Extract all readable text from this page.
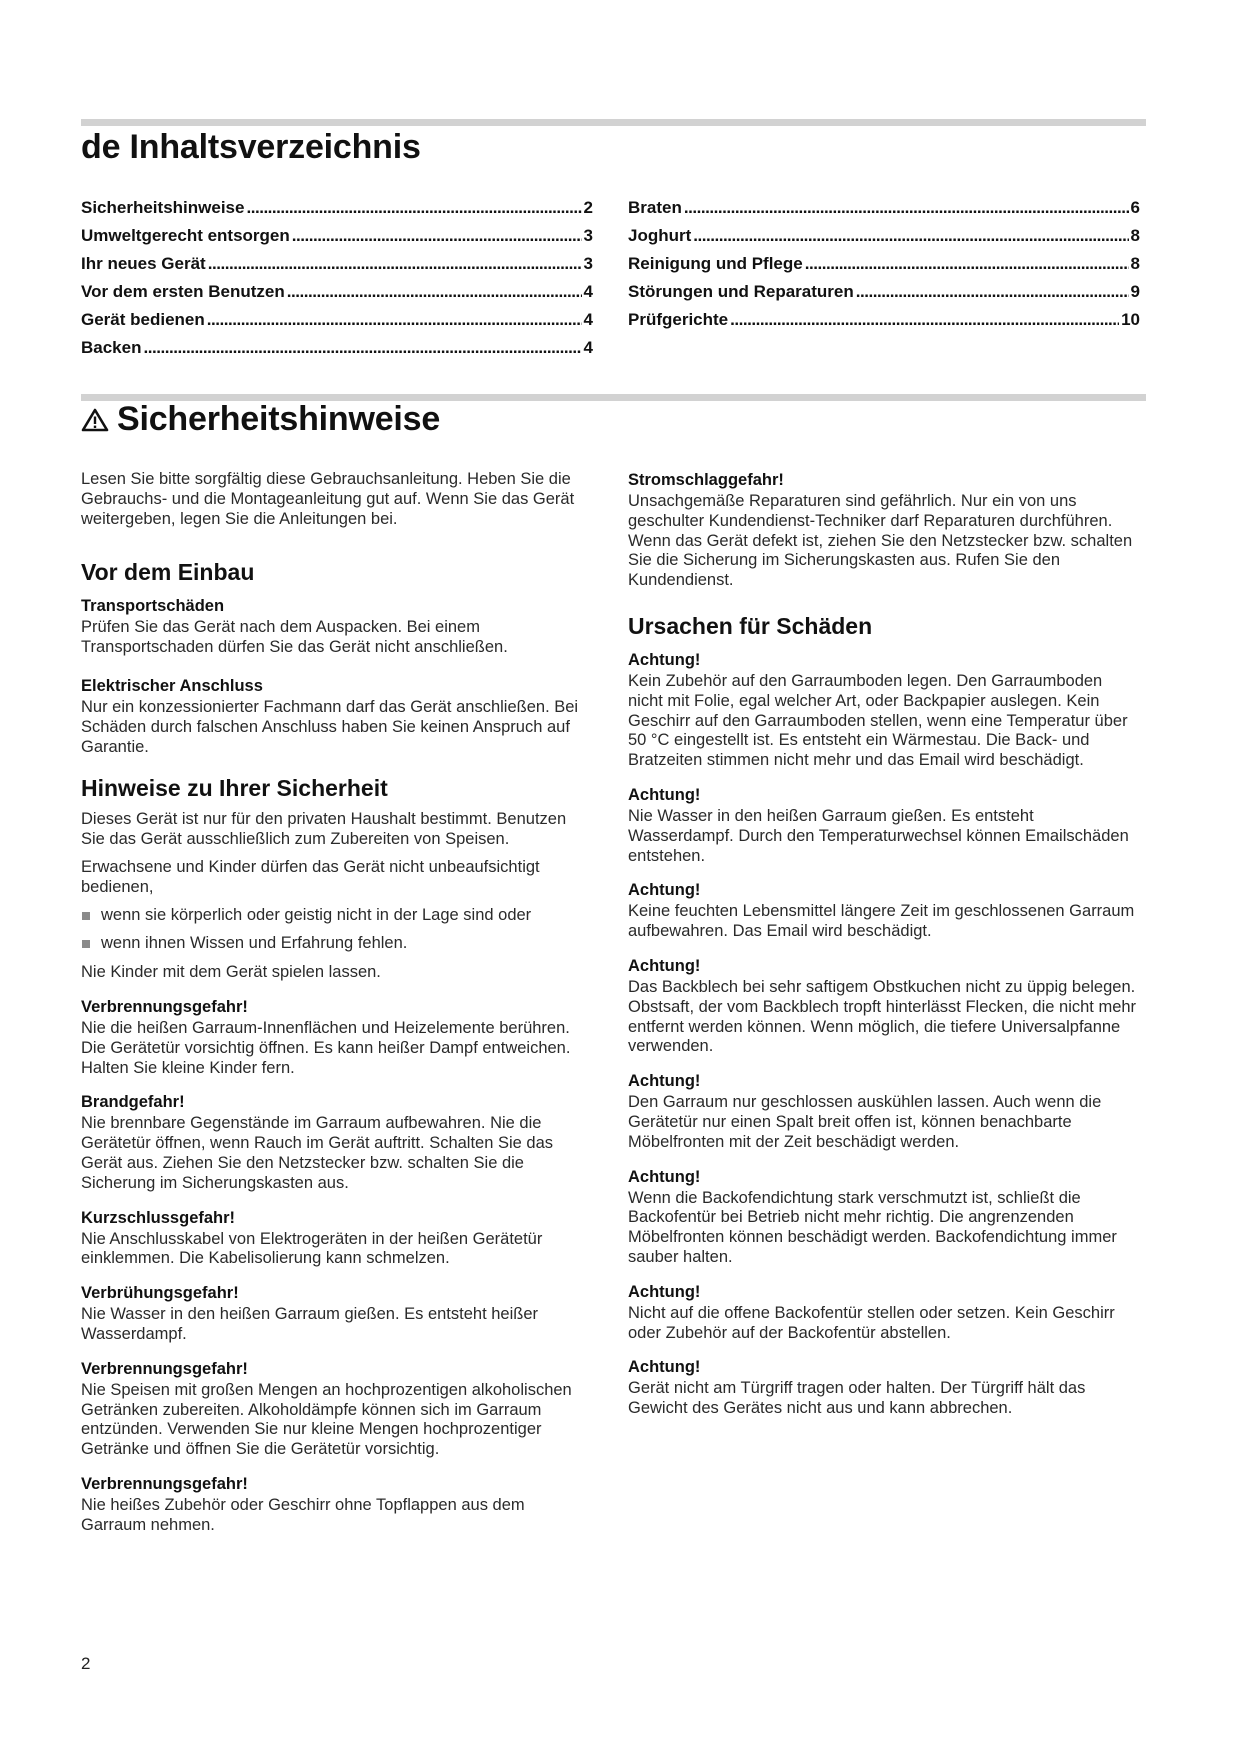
de Inhaltsverzeichnis
Sicherheitshinweise . . .	2
Umweltgerecht entsorgen . . .	3
Ihr neues Gerät . . .	3
Vor dem ersten Benutzen . . .	4
Gerät bedienen . . .	4
Backen . . .	4
Braten . . .	6
Joghurt . . .	8
Reinigung und Pflege . . .	8
Störungen und Reparaturen . . .	9
Prüfgerichte . . .	10
Sicherheitshinweise

Lesen Sie bitte sorgfältig diese Gebrauchsanleitung. Heben Sie die Gebrauchs- und die Montageanleitung gut auf. Wenn Sie das Gerät weitergeben, legen Sie die Anleitungen bei.

Vor dem Einbau
Transportschäden

Prüfen Sie das Gerät nach dem Auspacken. Bei einem Transportschaden dürfen Sie das Gerät nicht anschließen.

Elektrischer Anschluss

Nur ein konzessionierter Fachmann darf das Gerät anschließen. Bei Schäden durch falschen Anschluss haben Sie keinen Anspruch auf Garantie.

Hinweise zu Ihrer Sicherheit

Dieses Gerät ist nur für den privaten Haushalt bestimmt. Benutzen Sie das Gerät ausschließlich zum Zubereiten von Speisen.

Erwachsene und Kinder dürfen das Gerät nicht unbeaufsichtigt bedienen,

wenn sie körperlich oder geistig nicht in der Lage sind oder
wenn ihnen Wissen und Erfahrung fehlen.

Nie Kinder mit dem Gerät spielen lassen.

Verbrennungsgefahr!

Nie die heißen Garraum-Innenflächen und Heizelemente berühren. Die Gerätetür vorsichtig öffnen. Es kann heißer Dampf entweichen. Halten Sie kleine Kinder fern.

Brandgefahr!

Nie brennbare Gegenstände im Garraum aufbewahren. Nie die Gerätetür öffnen, wenn Rauch im Gerät auftritt. Schalten Sie das Gerät aus. Ziehen Sie den Netzstecker bzw. schalten Sie die Sicherung im Sicherungskasten aus.

Kurzschlussgefahr!

Nie Anschlusskabel von Elektrogeräten in der heißen Gerätetür einklemmen. Die Kabelisolierung kann schmelzen.

Verbrühungsgefahr!

Nie Wasser in den heißen Garraum gießen. Es entsteht heißer Wasserdampf.

Verbrennungsgefahr!

Nie Speisen mit großen Mengen an hochprozentigen alkoholischen Getränken zubereiten. Alkoholdämpfe können sich im Garraum entzünden. Verwenden Sie nur kleine Mengen hochprozentiger Getränke und öffnen Sie die Gerätetür vorsichtig.

Verbrennungsgefahr!

Nie heißes Zubehör oder Geschirr ohne Topflappen aus dem Garraum nehmen.

Stromschlaggefahr!

Unsachgemäße Reparaturen sind gefährlich. Nur ein von uns geschulter Kundendienst-Techniker darf Reparaturen durchführen. Wenn das Gerät defekt ist, ziehen Sie den Netzstecker bzw. schalten Sie die Sicherung im Sicherungskasten aus. Rufen Sie den Kundendienst.

Ursachen für Schäden
Achtung!

Kein Zubehör auf den Garraumboden legen. Den Garraumboden nicht mit Folie, egal welcher Art, oder Backpapier auslegen. Kein Geschirr auf den Garraumboden stellen, wenn eine Temperatur über 50 °C eingestellt ist. Es entsteht ein Wärmestau. Die Back- und Bratzeiten stimmen nicht mehr und das Email wird beschädigt.

Achtung!

Nie Wasser in den heißen Garraum gießen. Es entsteht Wasserdampf. Durch den Temperaturwechsel können Emailschäden entstehen.

Achtung!

Keine feuchten Lebensmittel längere Zeit im geschlossenen Garraum aufbewahren. Das Email wird beschädigt.

Achtung!

Das Backblech bei sehr saftigem Obstkuchen nicht zu üppig belegen. Obstsaft, der vom Backblech tropft hinterlässt Flecken, die nicht mehr entfernt werden können. Wenn möglich, die tiefere Universalpfanne verwenden.

Achtung!

Den Garraum nur geschlossen auskühlen lassen. Auch wenn die Gerätetür nur einen Spalt breit offen ist, können benachbarte Möbelfronten mit der Zeit beschädigt werden.

Achtung!

Wenn die Backofendichtung stark verschmutzt ist, schließt die Backofentür bei Betrieb nicht mehr richtig. Die angrenzenden Möbelfronten können beschädigt werden. Backofendichtung immer sauber halten.

Achtung!

Nicht auf die offene Backofentür stellen oder setzen. Kein Geschirr oder Zubehör auf der Backofentür abstellen.

Achtung!

Gerät nicht am Türgriff tragen oder halten. Der Türgriff hält das Gewicht des Gerätes nicht aus und kann abbrechen.

2
